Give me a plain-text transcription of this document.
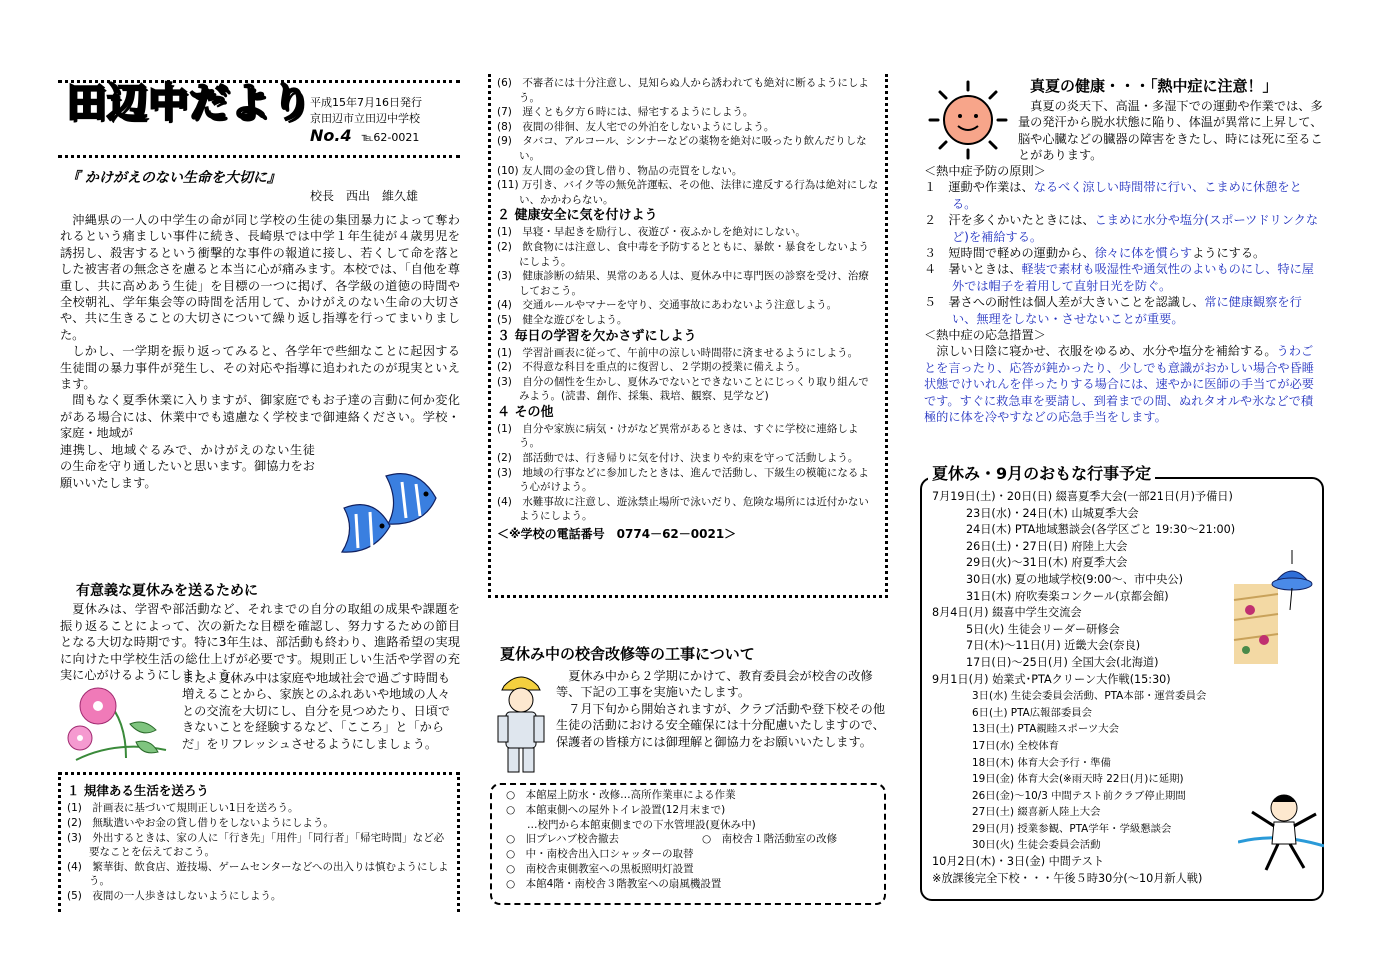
田辺中だより
平成15年7月16日発行
京田辺市立田辺中学校
No.4 ℡62-0021
『 かけがえのない生命を大切に』
校長　西出　維久雄

沖縄県の一人の中学生の命が同じ学校の生徒の集団暴力によって奪われるという痛ましい事件に続き、長崎県では中学１年生徒が４歳男児を誘拐し、殺害するという衝撃的な事件の報道に接し、若くして命を落とした被害者の無念さを慮ると本当に心が痛みます。本校では、「自他を尊重し、共に高めあう生徒」を目標の一つに掲げ、各学級の道徳の時間や全校朝礼、学年集会等の時間を活用して、かけがえのない生命の大切さや、共に生きることの大切さについて繰り返し指導を行ってまいりました。

しかし、一学期を振り返ってみると、各学年で些細なことに起因する生徒間の暴力事件が発生し、その対応や指導に追われたのが現実といえます。

間もなく夏季休業に入りますが、御家庭でもお子達の言動に何か変化がある場合には、休業中でも遠慮なく学校まで御連絡ください。学校・家庭・地域が

連携し、地域ぐるみで、かけがえのない生徒の生命を守り通したいと思います。御協力をお願いいたします。

有意義な夏休みを送るために

夏休みは、学習や部活動など、それまでの自分の取組の成果や課題を振り返ることによって、次の新たな目標を確認し、努力するための節目となる大切な時期です。特に3年生は、部活動も終わり、進路希望の実現に向けた中学校生活の総仕上げが必要です。規則正しい生活や学習の充実に心がけるようにしましょう。

また、夏休み中は家庭や地域社会で過ごす時間も増えることから、家族とのふれあいや地域の人々との交流を大切にし、自分を見つめたり、日頃できないことを経験するなど、「こころ」と「からだ」をリフレッシュさせるようにしましょう。
１ 規律ある生活を送ろう
(1)　計画表に基づいて規則正しい1日を送ろう。
(2)　無駄遣いやお金の貸し借りをしないようにしよう。
(3)　外出するときは、家の人に「行き先」「用件」「同行者」「帰宅時間」など必要なことを伝えておこう。
(4)　繁華街、飲食店、遊技場、ゲームセンターなどへの出入りは慎むようにしよう。
(5)　夜間の一人歩きはしないようにしよう。
(6)　不審者には十分注意し、見知らぬ人から誘われても絶対に断るようにしよう。
(7)　遅くとも夕方６時には、帰宅するようにしよう。
(8)　夜間の徘徊、友人宅での外泊をしないようにしよう。
(9)　タバコ、アルコール、シンナーなどの薬物を絶対に吸ったり飲んだりしない。
(10) 友人間の金の貸し借り、物品の売買をしない。
(11) 万引き、バイク等の無免許運転、その他、法律に違反する行為は絶対にしない、かかわらない。
２ 健康安全に気を付けよう
(1)　早寝・早起きを励行し、夜遊び・夜ふかしを絶対にしない。
(2)　飲食物には注意し、食中毒を予防するとともに、暴飲・暴食をしないようにしよう。
(3)　健康診断の結果、異常のある人は、夏休み中に専門医の診察を受け、治療しておこう。
(4)　交通ルールやマナーを守り、交通事故にあわないよう注意しよう。
(5)　健全な遊びをしよう。
３ 毎日の学習を欠かさずにしよう
(1)　学習計画表に従って、午前中の涼しい時間帯に済ませるようにしよう。
(2)　不得意な科目を重点的に復習し、２学期の授業に備えよう。
(3)　自分の個性を生かし、夏休みでないとできないことにじっくり取り組んでみよう。(読書、創作、採集、栽培、観察、見学など)
４ その他
(1)　自分や家族に病気・けがなど異常があるときは、すぐに学校に連絡しよう。
(2)　部活動では、行き帰りに気を付け、決まりや約束を守って活動しよう。
(3)　地域の行事などに参加したときは、進んで活動し、下級生の模範になるよう心がけよう。
(4)　水難事故に注意し、遊泳禁止場所で泳いだり、危険な場所には近付かないようにしよう。
＜※学校の電話番号　0774－62－0021＞
夏休み中の校舎改修等の工事について

夏休み中から２学期にかけて、教育委員会が校舎の改修等、下記の工事を実施いたします。

７月下旬から開始されますが、クラブ活動や登下校その他生徒の活動における安全確保には十分配慮いたしますので、保護者の皆様方には御理解と御協力をお願いいたします。

○　本館屋上防水・改修…高所作業車による作業
○　本館東側への屋外トイレ設置(12月末まで)
　　…校門から本館東側までの下水管埋設(夏休み中)
○　旧プレハブ校舎撤去	○　南校舎１階活動室の改修
○　中・南校舎出入口シャッターの取替
○　南校舎東側教室への黒板照明灯設置
○　本館4階・南校舎３階教室への扇風機設置
真夏の健康・・・「熱中症に注意！」
真夏の炎天下、高温・多湿下での運動や作業では、多量の発汗から脱水状態に陥り、体温が異常に上昇して、脳や心臓などの臓器の障害をきたし、時には死に至ることがあります。
＜熱中症予防の原則＞
１　運動や作業は、なるべく涼しい時間帯に行い、こまめに休憩をとる。
２　汗を多くかいたときには、こまめに水分や塩分(スポーツドリンクなど)を補給する。
３　短時間で軽めの運動から、徐々に体を慣らすようにする。
４　暑いときは、軽装で素材も吸湿性や通気性のよいものにし、特に屋外では帽子を着用して直射日光を防ぐ。
５　暑さへの耐性は個人差が大きいことを認識し、常に健康観察を行い、無理をしない・させないことが重要。
＜熱中症の応急措置＞
涼しい日陰に寝かせ、衣服をゆるめ、水分や塩分を補給する。うわごとを言ったり、応答が鈍かったり、少しでも意識がおかしい場合や昏睡状態でけいれんを伴ったりする場合には、速やかに医師の手当てが必要です。すぐに救急車を要請し、到着までの間、ぬれタオルや氷などで積極的に体を冷やすなどの応急手当をします。
7月19日(土)・20日(日) 綴喜夏季大会(一部21日(月)予備日)
23日(水)・24日(木) 山城夏季大会
24日(木) PTA地域懇談会(各学区ごと 19:30～21:00)
26日(土)・27日(日) 府陸上大会
29日(火)～31日(木) 府夏季大会
30日(水) 夏の地域学校(9:00～、市中央公)
31日(木) 府吹奏楽コンクール(京都会館)
8月4日(月) 綴喜中学生交流会
5日(火) 生徒会リーダー研修会
7日(木)～11日(月) 近畿大会(奈良)
17日(日)～25日(月) 全国大会(北海道)
9月1日(月) 始業式･PTAクリーン大作戦(15:30)
3日(水) 生徒会委員会活動、PTA本部・運営委員会
6日(土) PTA広報部委員会
13日(土) PTA親睦スポーツ大会
17日(水) 全校体育
18日(木) 体育大会予行・準備
19日(金) 体育大会(※雨天時 22日(月)に延期)
26日(金)～10/3 中間テスト前クラブ停止期間
27日(土) 綴喜新人陸上大会
29日(月) 授業参観、PTA学年・学級懇談会
30日(火) 生徒会委員会活動
10月2日(木)・3日(金) 中間テスト
※放課後完全下校・・・午後５時30分(～10月新人戦)
夏休み・9月のおもな行事予定
